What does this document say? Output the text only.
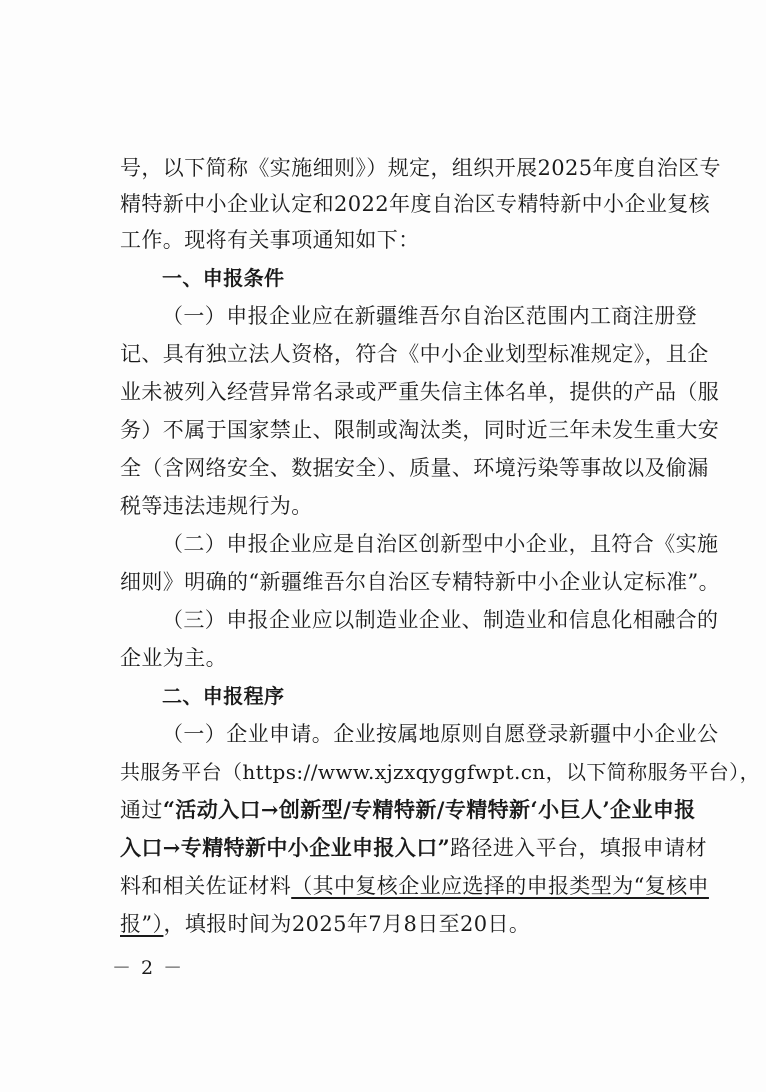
号，以下简称《实施细则》）规定，组织开展2025年度自治区专
精特新中小企业认定和2022年度自治区专精特新中小企业复核
工作。现将有关事项通知如下：
一、申报条件
（一）申报企业应在新疆维吾尔自治区范围内工商注册登
记、具有独立法人资格，符合《中小企业划型标准规定》，且企
业未被列入经营异常名录或严重失信主体名单，提供的产品（服
务）不属于国家禁止、限制或淘汰类，同时近三年未发生重大安
全（含网络安全、数据安全）、质量、环境污染等事故以及偷漏
税等违法违规行为。
（二）申报企业应是自治区创新型中小企业，且符合《实施
细则》明确的“新疆维吾尔自治区专精特新中小企业认定标准”。
（三）申报企业应以制造业企业、制造业和信息化相融合的
企业为主。
二、申报程序
（一）企业申请。企业按属地原则自愿登录新疆中小企业公
共服务平台（https://www.xjzxqyggfwpt.cn，以下简称服务平台），
通过“活动入口→创新型/专精特新/专精特新‘小巨人’企业申报
入口→专精特新中小企业申报入口”路径进入平台，填报申请材
料和相关佐证材料（其中复核企业应选择的申报类型为“复核申
报”），填报时间为2025年7月8日至20日。
－ 2 －
